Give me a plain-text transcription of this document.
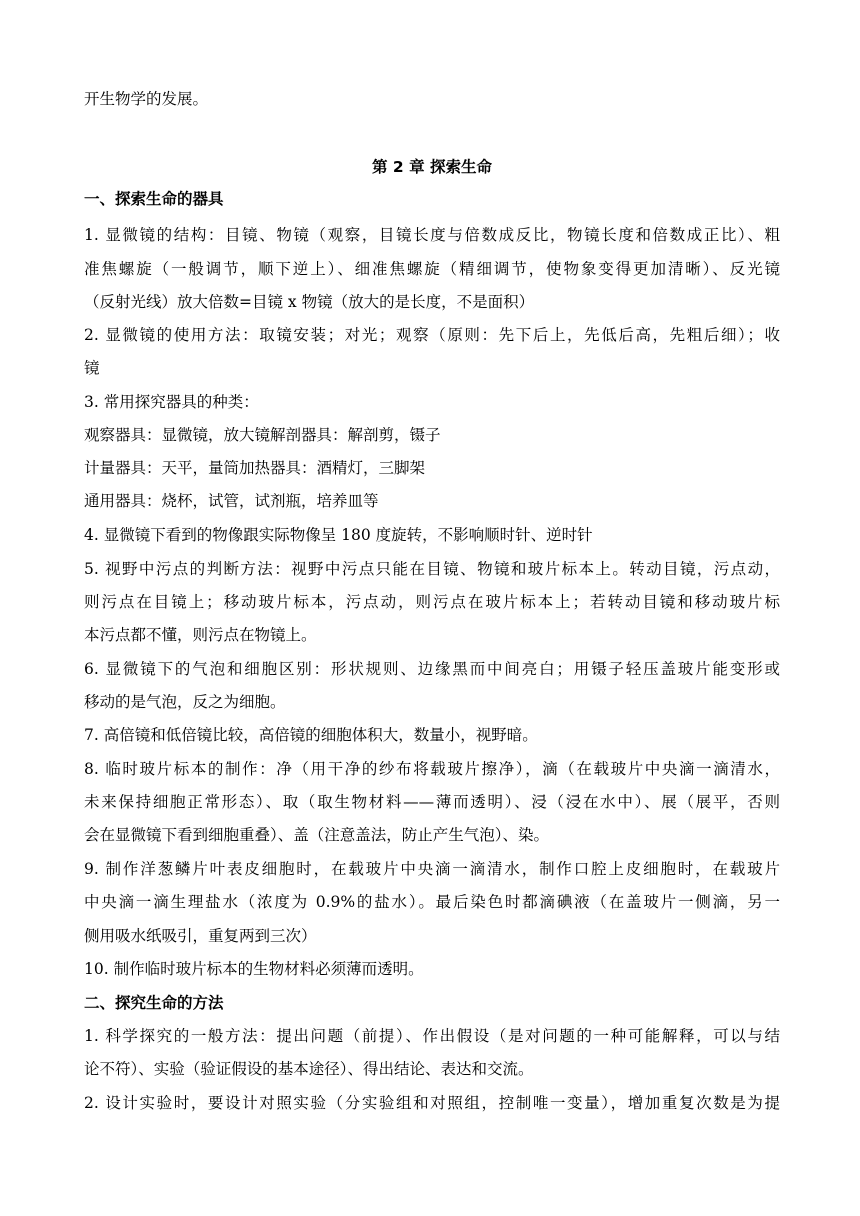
开生物学的发展。
第 2 章 探索生命
一、探索生命的器具
1. 显微镜的结构：目镜、物镜（观察，目镜长度与倍数成反比，物镜长度和倍数成正比）、粗
准焦螺旋（一般调节，顺下逆上）、细准焦螺旋（精细调节，使物象变得更加清晰）、反光镜
（反射光线）放大倍数=目镜 x 物镜（放大的是长度，不是面积）
2. 显微镜的使用方法：取镜安装；对光；观察（原则：先下后上，先低后高，先粗后细）；收
镜
3. 常用探究器具的种类：
观察器具：显微镜，放大镜解剖器具：解剖剪，镊子
计量器具：天平，量筒加热器具：酒精灯，三脚架
通用器具：烧杯，试管，试剂瓶，培养皿等
4. 显微镜下看到的物像跟实际物像呈 180 度旋转，不影响顺时针、逆时针
5. 视野中污点的判断方法：视野中污点只能在目镜、物镜和玻片标本上。转动目镜，污点动，
则污点在目镜上；移动玻片标本，污点动，则污点在玻片标本上；若转动目镜和移动玻片标
本污点都不懂，则污点在物镜上。
6. 显微镜下的气泡和细胞区别：形状规则、边缘黑而中间亮白；用镊子轻压盖玻片能变形或
移动的是气泡，反之为细胞。
7. 高倍镜和低倍镜比较，高倍镜的细胞体积大，数量小，视野暗。
8. 临时玻片标本的制作：净（用干净的纱布将载玻片擦净），滴（在载玻片中央滴一滴清水，
未来保持细胞正常形态）、取（取生物材料——薄而透明）、浸（浸在水中）、展（展平，否则
会在显微镜下看到细胞重叠）、盖（注意盖法，防止产生气泡）、染。
9. 制作洋葱鳞片叶表皮细胞时，在载玻片中央滴一滴清水，制作口腔上皮细胞时，在载玻片
中央滴一滴生理盐水（浓度为 0.9%的盐水）。最后染色时都滴碘液（在盖玻片一侧滴，另一
侧用吸水纸吸引，重复两到三次）
10. 制作临时玻片标本的生物材料必须薄而透明。
二、探究生命的方法
1. 科学探究的一般方法：提出问题（前提）、作出假设（是对问题的一种可能解释，可以与结
论不符）、实验（验证假设的基本途径）、得出结论、表达和交流。
2. 设计实验时，要设计对照实验（分实验组和对照组，控制唯一变量），增加重复次数是为提
